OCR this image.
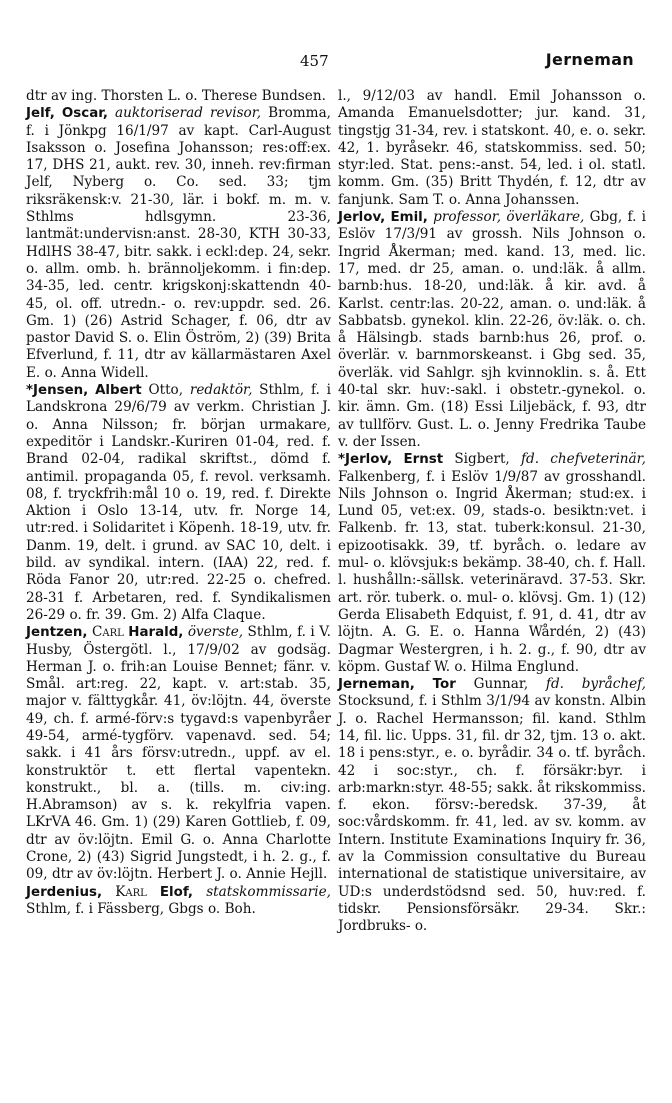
457	Jerneman

dtr av ing. Thorsten L. o. Therese Bundsen.

Jelf, Oscar, auktoriserad revisor, Bromma, f. i Jönkpg 16/1/97 av kapt. Carl-August Isaksson o. Josefina Johansson; res:off:ex. 17, DHS 21, aukt. rev. 30, inneh. rev:firman Jelf, Nyberg o. Co. sed. 33; tjm riksräkensk:v. 21-30, lär. i bokf. m. m. v. Sthlms hdlsgymn. 23-36, lantmät:undervisn:anst. 28-30, KTH 30-33, HdlHS 38-47, bitr. sakk. i eckl:dep. 24, sekr. o. allm. omb. h. brännoljekomm. i fin:dep. 34-35, led. centr. krigskonj:skattendn 40-45, ol. off. utredn.- o. rev:uppdr. sed. 26. Gm. 1) (26) Astrid Schager, f. 06, dtr av pastor David S. o. Elin Öström, 2) (39) Brita Efverlund, f. 11, dtr av källarmästaren Axel E. o. Anna Widell.

*Jensen, Albert Otto, redaktör, Sthlm, f. i Landskrona 29/6/79 av verkm. Christian J. o. Anna Nilsson; fr. början urmakare, expeditör i Landskr.-Kuriren 01-04, red. f. Brand 02-04, radikal skriftst., dömd f. antimil. propaganda 05, f. revol. verksamh. 08, f. tryckfrih:mål 10 o. 19, red. f. Direkte Aktion i Oslo 13-14, utv. fr. Norge 14, utr:red. i Solidaritet i Köpenh. 18-19, utv. fr. Danm. 19, delt. i grund. av SAC 10, delt. i bild. av syndikal. intern. (IAA) 22, red. f. Röda Fanor 20, utr:red. 22-25 o. chefred. 28-31 f. Arbetaren, red. f. Syndikalismen 26-29 o. fr. 39. Gm. 2) Alfa Claque.

Jentzen, Carl Harald, överste, Sthlm, f. i V. Husby, Östergötl. l., 17/9/02 av godsäg. Herman J. o. frih:an Louise Bennet; fänr. v. Smål. art:reg. 22, kapt. v. art:stab. 35, major v. fälttygkår. 41, öv:löjtn. 44, överste 49, ch. f. armé-förv:s tygavd:s vapenbyråer 49-54, armé-tygförv. vapenavd. sed. 54; sakk. i 41 års försv:utredn., uppf. av el. konstruktör t. ett flertal vapentekn. konstrukt., bl. a. (tills. m. civ:ing. H.Abramson) av s. k. rekylfria vapen. LKrVA 46. Gm. 1) (29) Karen Gottlieb, f. 09, dtr av öv:löjtn. Emil G. o. Anna Charlotte Crone, 2) (43) Sigrid Jungstedt, i h. 2. g., f. 09, dtr av öv:löjtn. Herbert J. o. Annie Hejll.

Jerdenius, Karl Elof, statskommissarie, Sthlm, f. i Fässberg, Gbgs o. Boh.

l., 9/12/03 av handl. Emil Johansson o. Amanda Emanuelsdotter; jur. kand. 31, tingstjg 31-34, rev. i statskont. 40, e. o. sekr. 42, 1. byråsekr. 46, statskommiss. sed. 50; styr:led. Stat. pens:-anst. 54, led. i ol. statl. komm. Gm. (35) Britt Thydén, f. 12, dtr av fanjunk. Sam T. o. Anna Johanssen.

Jerlov, Emil, professor, överläkare, Gbg, f. i Eslöv 17/3/91 av grossh. Nils Johnson o. Ingrid Åkerman; med. kand. 13, med. lic. 17, med. dr 25, aman. o. und:läk. å allm. barnb:hus. 18-20, und:läk. å kir. avd. å Karlst. centr:las. 20-22, aman. o. und:läk. å Sabbatsb. gynekol. klin. 22-26, öv:läk. o. ch. å Hälsingb. stads barnb:hus 26, prof. o. överlär. v. barnmorskeanst. i Gbg sed. 35, överläk. vid Sahlgr. sjh kvinnoklin. s. å. Ett 40-tal skr. huv:-sakl. i obstetr.-gynekol. o. kir. ämn. Gm. (18) Essi Liljebäck, f. 93, dtr av tullförv. Gust. L. o. Jenny Fredrika Taube v. der Issen.

*Jerlov, Ernst Sigbert, fd. chefveterinär, Falkenberg, f. i Eslöv 1/9/87 av grosshandl. Nils Johnson o. Ingrid Åkerman; stud:ex. i Lund 05, vet:ex. 09, stads-o. besiktn:vet. i Falkenb. fr. 13, stat. tuberk:konsul. 21-30, epizootisakk. 39, tf. byråch. o. ledare av mul- o. klövsjuk:s bekämp. 38-40, ch. f. Hall. l. hushålln:-sällsk. veterinäravd. 37-53. Skr. art. rör. tuberk. o. mul- o. klövsj. Gm. 1) (12) Gerda Elisabeth Edquist, f. 91, d. 41, dtr av löjtn. A. G. E. o. Hanna Wårdén, 2) (43) Dagmar Westergren, i h. 2. g., f. 90, dtr av köpm. Gustaf W. o. Hilma Englund.

Jerneman, Tor Gunnar, fd. byråchef, Stocksund, f. i Sthlm 3/1/94 av konstn. Albin J. o. Rachel Hermansson; fil. kand. Sthlm 14, fil. lic. Upps. 31, fil. dr 32, tjm. 13 o. akt. 18 i pens:styr., e. o. byrådir. 34 o. tf. byråch. 42 i soc:styr., ch. f. försäkr:byr. i arb:markn:styr. 48-55; sakk. åt rikskommiss. f. ekon. försv:-beredsk. 37-39, åt soc:vårdskomm. fr. 41, led. av sv. komm. av Intern. Institute Examinations Inquiry fr. 36, av la Commission consultative du Bureau international de statistique universitaire, av UD:s underdstödsnd sed. 50, huv:red. f. tidskr. Pensionsförsäkr. 29-34. Skr.: Jordbruks- o.
